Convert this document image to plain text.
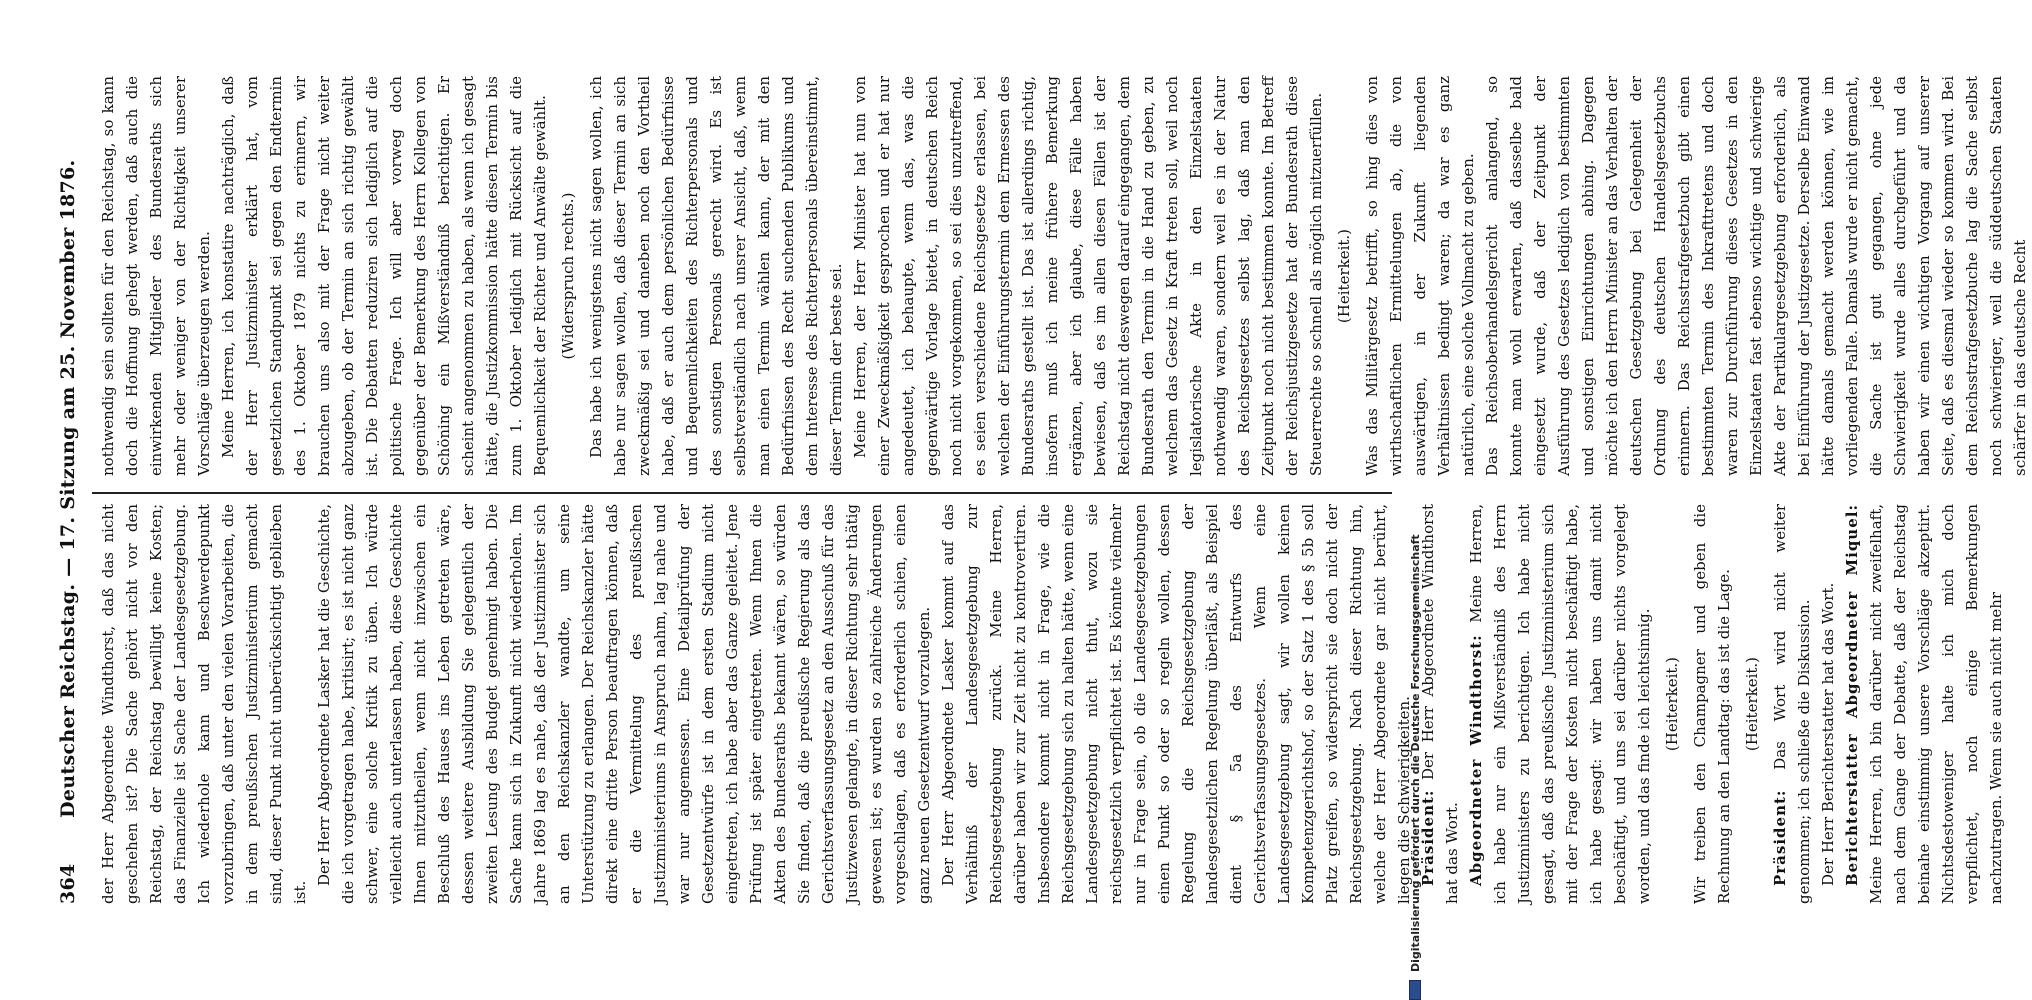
364
Deutscher Reichstag. — 17. Sitzung am 25. November 1876. der Herr Abgeordnete Windthorst, daß das nicht geschehen ist? Die Sache gehört nicht vor den Reichstag, der Reichstag bewilligt keine Kosten; das Finanzielle ist Sache der Landesgesetzgebung. Ich wiederhole kann und Beschwerdepunkt vorzubringen, daß unter den vielen Vorarbeiten, die in dem preußischen Justizministerium gemacht sind, dieser Punkt nicht unberücksichtigt geblieben ist.

Der Herr Abgeordnete Lasker hat die Geschichte, die ich vorgetragen habe, kritisirt; es ist nicht ganz schwer, eine solche Kritik zu üben. Ich würde vielleicht auch unterlassen haben, diese Geschichte Ihnen mitzutheilen, wenn nicht inzwischen ein Beschluß des Hauses ins Leben getreten wäre, dessen weitere Ausbildung Sie gelegentlich der zweiten Lesung des Budget genehmigt haben. Die Sache kann sich in Zukunft nicht wiederholen. Im Jahre 1869 lag es nahe, daß der Justizminister sich an den Reichskanzler wandte, um seine Unterstützung zu erlangen. Der Reichskanzler hätte direkt eine dritte Person beauftragen können, daß er die Vermittelung des preußischen Justizministeriums in Anspruch nahm, lag nahe und war nur angemessen. Eine Detailprüfung der Gesetzentwürfe ist in dem ersten Stadium nicht eingetreten, ich habe aber das Ganze geleitet. Jene Prüfung ist später eingetreten. Wenn Ihnen die Akten des Bundesraths bekannt wären, so würden Sie finden, daß die preußische Regierung als das Gerichtsverfassungsgesetz an den Ausschuß für das Justizwesen gelangte, in dieser Richtung sehr thätig gewesen ist; es wurden so zahlreiche Änderungen vorgeschlagen, daß es erforderlich schien, einen ganz neuen Gesetzentwurf vorzulegen. Der Herr Abgeordnete Lasker kommt auf das Verhältniß der Landesgesetzgebung zur Reichsgesetzgebung zurück. Meine Herren, darüber haben wir zur Zeit nicht zu kontrovertiren. Insbesondere kommt nicht in Frage, wie die Reichsgesetzgebung sich zu halten hätte, wenn eine Landesgesetzgebung nicht thut, wozu sie reichsgesetzlich verpflichtet ist. Es könnte vielmehr nur in Frage sein, ob die Landesgesetzgebungen einen Punkt so oder so regeln wollen, dessen Regelung die Reichsgesetzgebung der landesgesetzlichen Regelung überläßt, als Beispiel dient § 5a des Entwurfs des Gerichtsverfassungsgesetzes. Wenn eine Landesgesetzgebung sagt, wir wollen keinen Kompetenzgerichtshof, so der Satz 1 des § 5b soll Platz greifen, so widerspricht sie doch nicht der Reichsgesetzgebung. Nach dieser Richtung hin, welche der Herr Abgeordnete gar nicht berührt, liegen die Schwierigkeiten. Präsident: Der Herr Abgeordnete Windthorst hat das Wort. Abgeordneter Windthorst: Meine Herren, ich habe nur ein Mißverständniß des Herrn Justizministers zu berichtigen. Ich habe nicht gesagt, daß das preußische Justizministerium sich mit der Frage der Kosten nicht beschäftigt habe, ich habe gesagt: wir haben uns damit nicht beschäftigt, und uns sei darüber nichts vorgelegt worden, und das finde ich leichtsinnig. (Heiterkeit.) Wir treiben den Champagner und geben die Rechnung an den Landtag: das ist die Lage. (Heiterkeit.)

Präsident: Das Wort wird nicht weiter genommen; ich schließe die Diskussion. Der Herr Berichterstatter hat das Wort. Berichterstatter Abgeordneter Miquel: Meine Herren, ich bin darüber nicht zweifelhaft, nach dem Gange der Debatte, daß der Reichstag beinahe einstimmig unsere Vorschläge akzeptirt. Nichtsdestoweniger halte ich mich doch verpflichtet, noch einige Bemerkungen nachzutragen. Wenn sie auch nicht mehr

nothwendig sein sollten für den Reichstag, so kann doch die Hoffnung gehegt werden, daß auch die einwirkenden Mitglieder des Bundesraths sich mehr oder weniger von der Richtigkeit unserer Vorschläge überzeugen werden. Meine Herren, ich konstatire nachträglich, daß der Herr Justizminister erklärt hat, vom gesetzlichen Standpunkt sei gegen den Endtermin des 1. Oktober 1879 nichts zu erinnern, wir brauchen uns also mit der Frage nicht weiter abzugeben, ob der Termin an sich richtig gewählt ist. Die Debatten reduziren sich lediglich auf die politische Frage. Ich will aber vorweg doch gegenüber der Bemerkung des Herrn Kollegen von Schöning ein Mißverständniß berichtigen. Er scheint angenommen zu haben, als wenn ich gesagt hätte, die Justizkommission hätte diesen Termin bis zum 1. Oktober lediglich mit Rücksicht auf die Bequemlichkeit der Richter und Anwälte gewählt. (Widerspruch rechts.) Das habe ich wenigstens nicht sagen wollen, ich habe nur sagen wollen, daß dieser Termin an sich zweckmäßig sei und daneben noch den Vortheil habe, daß er auch dem persönlichen Bedürfnisse und Bequemlichkeiten des Richterpersonals und des sonstigen Personals gerecht wird. Es ist selbstverständlich nach unsrer Ansicht, daß, wenn man einen Termin wählen kann, der mit den Bedürfnissen des Recht suchenden Publikums und dem Interesse des Richterpersonals übereinstimmt, dieser Termin der beste sei. Meine Herren, der Herr Minister hat nun von einer Zweckmäßigkeit gesprochen und er hat nur angedeutet, ich behaupte, wenn das, was die gegenwärtige Vorlage bietet, in deutschen Reich noch nicht vorgekommen, so sei dies unzutreffend, es seien verschiedene Reichsgesetze erlassen, bei welchen der Einführungstermin dem Ermessen des Bundesraths gestellt ist. Das ist allerdings richtig, insofern muß ich meine frühere Bemerkung ergänzen, aber ich glaube, diese Fälle haben bewiesen, daß es im allen diesen Fällen ist der Reichstag nicht deswegen darauf eingegangen, dem Bundesrath den Termin in die Hand zu geben, zu welchem das Gesetz in Kraft treten soll, weil noch legislatorische Akte in den Einzelstaaten nothwendig waren, sondern weil es in der Natur des Reichsgesetzes selbst lag, daß man den Zeitpunkt noch nicht bestimmen konnte. Im Betreff der Reichsjustizgesetze hat der Bundesrath diese Steuerrechte so schnell als möglich mitzuerfüllen. (Heiterkeit.) Was das Militärgesetz betrifft, so hing dies von wirthschaftlichen Ermittelungen ab, die von auswärtigen, in der Zukunft liegenden Verhältnissen bedingt waren; da war es ganz natürlich, eine solche Vollmacht zu geben. Das Reichsoberhandelsgericht anlangend, so konnte man wohl erwarten, daß dasselbe bald eingesetzt wurde, daß der Zeitpunkt der Ausführung des Gesetzes lediglich von bestimmten und sonstigen Einrichtungen abhing. Dagegen möchte ich den Herrn Minister an das Verhalten der deutschen Gesetzgebung bei Gelegenheit der Ordnung des deutschen Handelsgesetzbuchs erinnern. Das Reichsstrafgesetzbuch gibt einen bestimmten Termin des Inkrafttretens und doch waren zur Durchführung dieses Gesetzes in den Einzelstaaten fast ebenso wichtige und schwierige Akte der Partikulargesetzgebung erforderlich, als bei Einführung der Justizgesetze. Derselbe Einwand hätte damals gemacht werden können, wie im vorliegenden Falle. Damals wurde er nicht gemacht, die Sache ist gut gegangen, ohne jede Schwierigkeit wurde alles durchgeführt und da haben wir einen wichtigen Vorgang auf unserer Seite, daß es diesmal wieder so kommen wird. Bei dem Reichsstrafgesetzbuche lag die Sache selbst noch schwieriger, weil die süddeutschen Staaten schärfer in das deutsche Recht

Digitalisierung gefördert durch die Deutsche Forschungsgemeinschaft
